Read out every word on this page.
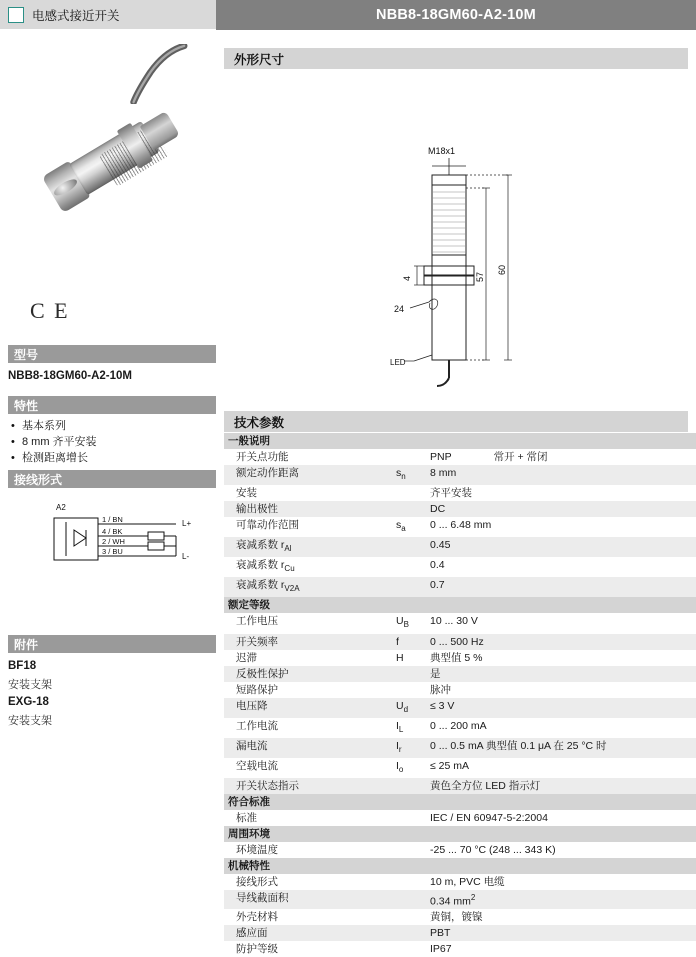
电感式接近开关	NBB8-18GM60-A2-10M
C E
型号
NBB8-18GM60-A2-10M
特性
• 基本系列
• 8 mm 齐平安装
• 检测距离增长
接线形式
A2
1 / BN
4 / BK
2 / WH
3 / BU
L+
L-
附件
BF18
安装支架
EXG-18
安装支架
外形尺寸
M18x1
4
24
57
60
LED
技术参数
一般说明		
开关点功能		PNP 常开 + 常闭
额定动作距离	$s_n$	8 mm
安装		齐平安装
输出极性		DC
可靠动作范围	$s_a$	0 ... 6.48 mm
衰减系数 $r_{Al}$		0.45
衰减系数 $r_{Cu}$		0.4
衰减系数 $r_{V2A}$		0.7
额定等级		
工作电压	$U_B$	10 ... 30 V
开关频率	f	0 ... 500 Hz
迟滞	H	典型值 5 %
反极性保护		是
短路保护		脉冲
电压降	$U_d$	≤ 3 V
工作电流	$I_L$	0 ... 200 mA
漏电流	$I_r$	0 ... 0.5 mA 典型值 0.1 μA 在 25 °C 时
空载电流	$I_o$	≤ 25 mA
开关状态指示		黄色全方位 LED 指示灯
符合标准		
标准		IEC / EN 60947-5-2:2004
周围环境		
环境温度		-25 ... 70 °C (248 ... 343 K)
机械特性		
接线形式		10 m, PVC 电缆
导线截面积		0.34 $mm^2$
外壳材料		黄铜，镀镍
感应面		PBT
防护等级		IP67
